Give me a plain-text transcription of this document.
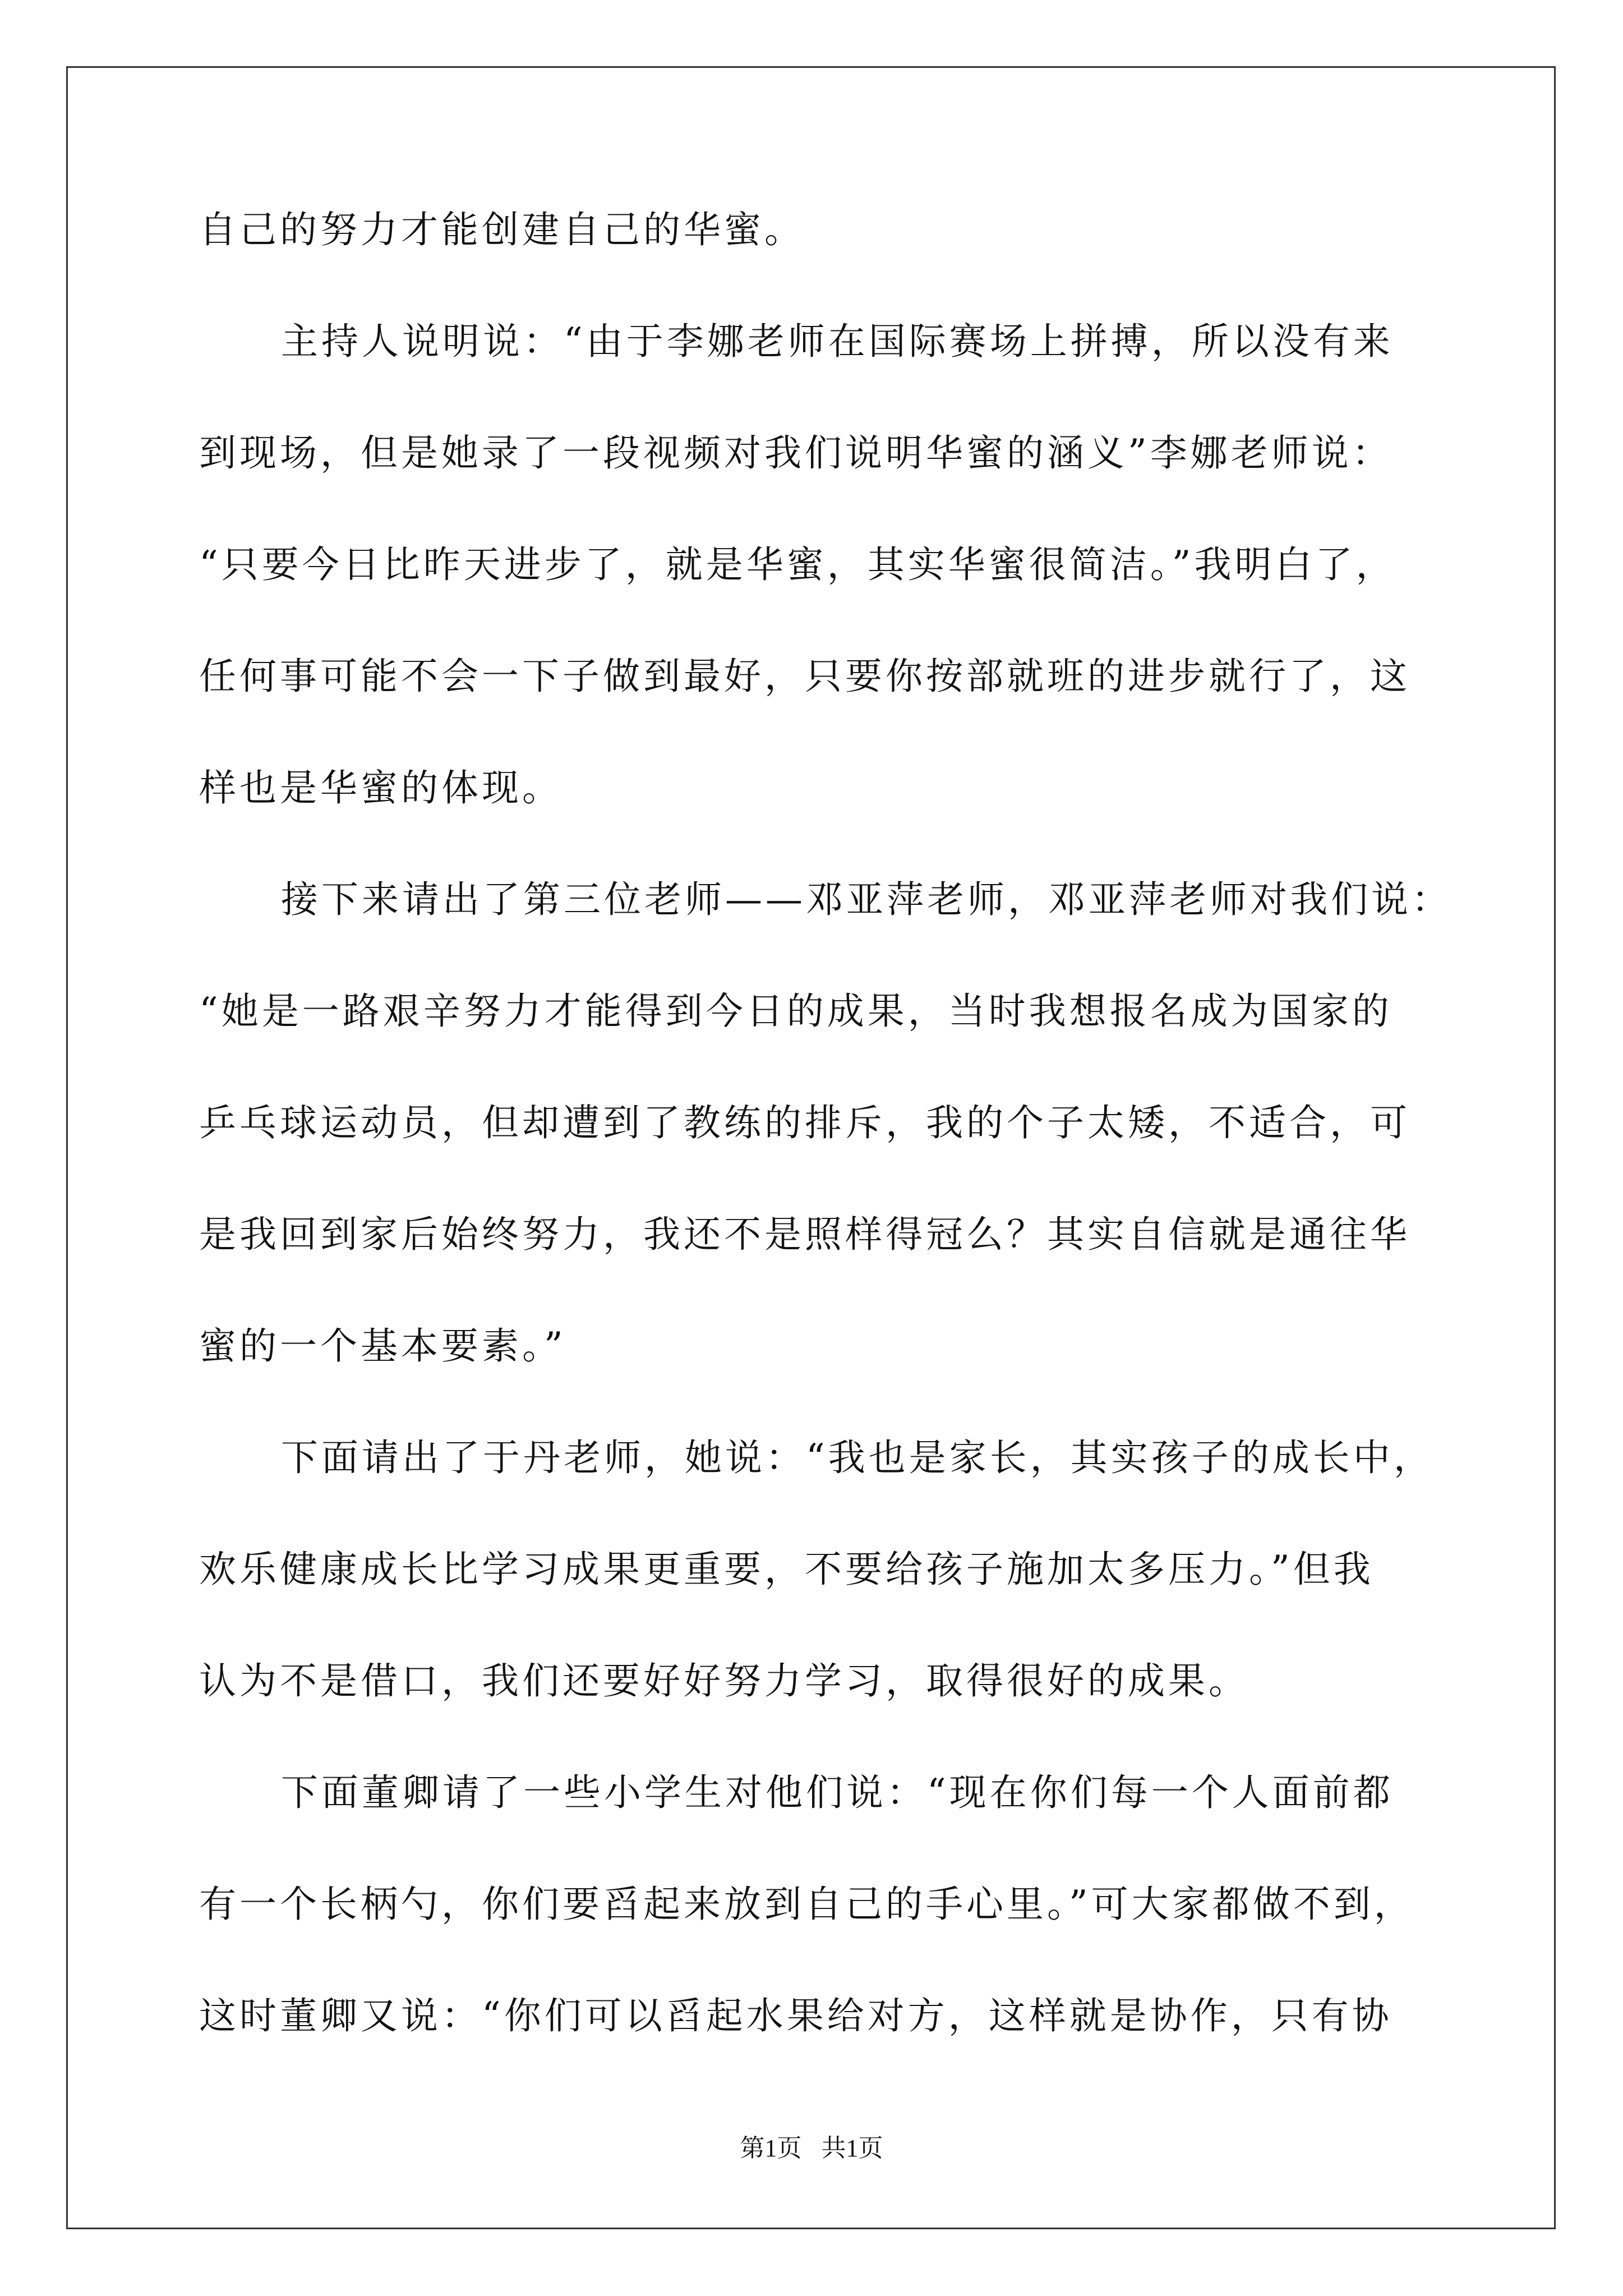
自己的努力才能创建自己的华蜜。
主持人说明说：“由于李娜老师在国际赛场上拼搏，所以没有来
到现场，但是她录了一段视频对我们说明华蜜的涵义”李娜老师说：
“只要今日比昨天进步了，就是华蜜，其实华蜜很简洁。”我明白了，
任何事可能不会一下子做到最好，只要你按部就班的进步就行了，这
样也是华蜜的体现。
接下来请出了第三位老师——邓亚萍老师，邓亚萍老师对我们说：
“她是一路艰辛努力才能得到今日的成果，当时我想报名成为国家的
乒乓球运动员，但却遭到了教练的排斥，我的个子太矮，不适合，可
是我回到家后始终努力，我还不是照样得冠么？其实自信就是通往华
蜜的一个基本要素。”
下面请出了于丹老师，她说：“我也是家长，其实孩子的成长中，
欢乐健康成长比学习成果更重要，不要给孩子施加太多压力。”但我
认为不是借口，我们还要好好努力学习，取得很好的成果。
下面董卿请了一些小学生对他们说：“现在你们每一个人面前都
有一个长柄勺，你们要舀起来放到自己的手心里。”可大家都做不到，
这时董卿又说：“你们可以舀起水果给对方，这样就是协作，只有协
第1页 共1页
